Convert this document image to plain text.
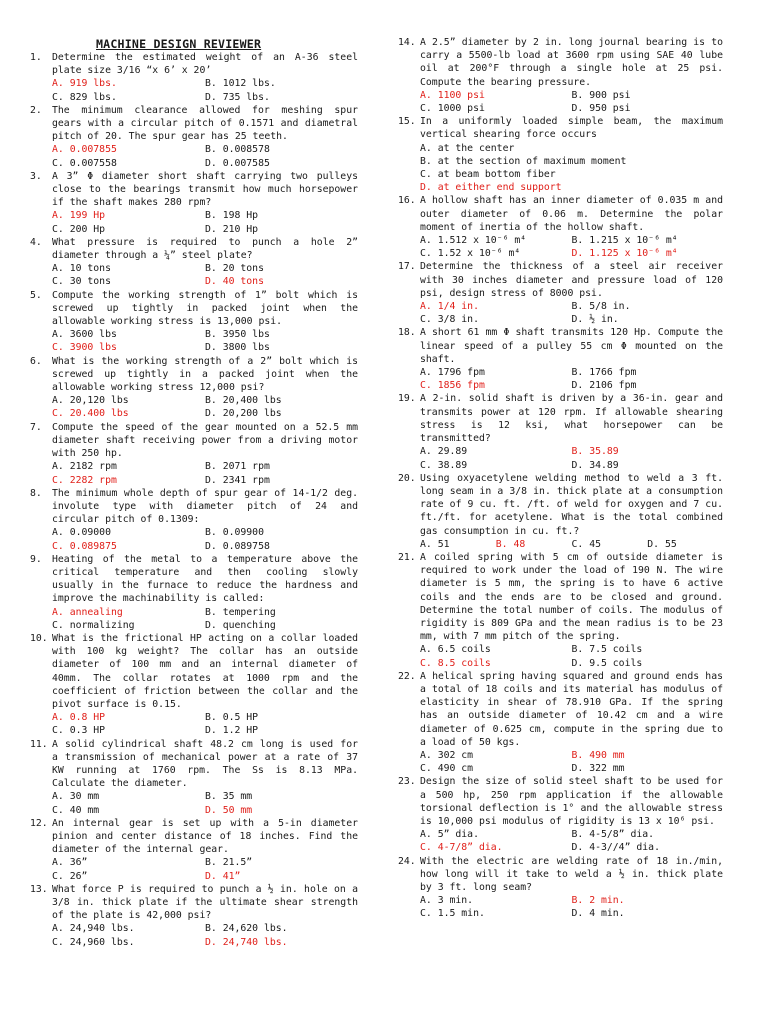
MACHINE DESIGN REVIEWER
1. Determine the estimated weight of an A-36 steel plate size 3/16 “x 6’ x 20’
A. 919 lbs.	B. 1012 lbs.
C. 829 lbs.	D. 735 lbs.
2. The minimum clearance allowed for meshing spur gears with a circular pitch of 0.1571 and diametral pitch of 20. The spur gear has 25 teeth.
A. 0.007855	B. 0.008578
C. 0.007558	D. 0.007585
3. A 3” Φ diameter short shaft carrying two pulleys close to the bearings transmit how much horsepower if the shaft makes 280 rpm?
A. 199 Hp	B. 198 Hp
C. 200 Hp	D. 210 Hp
4. What pressure is required to punch a hole 2” diameter through a ¼” steel plate?
A. 10 tons	B. 20 tons
C. 30 tons	D. 40 tons
5. Compute the working strength of 1” bolt which is screwed up tightly in packed joint when the allowable working stress is 13,000 psi.
A. 3600 lbs	B. 3950 lbs
C. 3900 lbs	D. 3800 lbs
6. What is the working strength of a 2” bolt which is screwed up tightly in a packed joint when the allowable working stress 12,000 psi?
A. 20,120 lbs	B. 20,400 lbs
C. 20.400 lbs	D. 20,200 lbs
7. Compute the speed of the gear mounted on a 52.5 mm diameter shaft receiving power from a driving motor with 250 hp.
A. 2182 rpm	B. 2071 rpm
C. 2282 rpm	D. 2341 rpm
8. The minimum whole depth of spur gear of 14-1/2 deg. involute type with diameter pitch of 24 and circular pitch of 0.1309:
A. 0.09000	B. 0.09900
C. 0.089875	D. 0.089758
9. Heating of the metal to a temperature above the critical temperature and then cooling slowly usually in the furnace to reduce the hardness and improve the machinability is called:
A. annealing	B. tempering
C. normalizing	D. quenching
10. What is the frictional HP acting on a collar loaded with 100 kg weight? The collar has an outside diameter of 100 mm and an internal diameter of 40mm. The collar rotates at 1000 rpm and the coefficient of friction between the collar and the pivot surface is 0.15.
A. 0.8 HP	B. 0.5 HP
C. 0.3 HP	D. 1.2 HP
11. A solid cylindrical shaft 48.2 cm long is used for a transmission of mechanical power at a rate of 37 KW running at 1760 rpm. The Ss is 8.13 MPa. Calculate the diameter.
A. 30 mm	B. 35 mm
C. 40 mm	D. 50 mm
12. An internal gear is set up with a 5-in diameter pinion and center distance of 18 inches. Find the diameter of the internal gear.
A. 36”	B. 21.5”
C. 26”	D. 41”
13. What force P is required to punch a ½ in. hole on a 3/8 in. thick plate if the ultimate shear strength of the plate is 42,000 psi?
A. 24,940 lbs.	B. 24,620 lbs.
C. 24,960 lbs.	D. 24,740 lbs.
14. A 2.5” diameter by 2 in. long journal bearing is to carry a 5500-lb load at 3600 rpm using SAE 40 lube oil at 200°F through a single hole at 25 psi. Compute the bearing pressure.
A. 1100 psi	B. 900 psi
C. 1000 psi	D. 950 psi
15. In a uniformly loaded simple beam, the maximum vertical shearing force occurs
A. at the center
B. at the section of maximum moment
C. at beam bottom fiber
D. at either end support
16. A hollow shaft has an inner diameter of 0.035 m and outer diameter of 0.06 m. Determine the polar moment of inertia of the hollow shaft.
A. 1.512 x 10⁻⁶ m⁴	B. 1.215 x 10⁻⁶ m⁴
C. 1.52 x 10⁻⁶ m⁴	D. 1.125 x 10⁻⁶ m⁴
17. Determine the thickness of a steel air receiver with 30 inches diameter and pressure load of 120 psi, design stress of 8000 psi.
A. 1/4 in.	B. 5/8 in.
C. 3/8 in.	D. ½ in.
18. A short 61 mm Φ shaft transmits 120 Hp. Compute the linear speed of a pulley 55 cm Φ mounted on the shaft.
A. 1796 fpm	B. 1766 fpm
C. 1856 fpm	D. 2106 fpm
19. A 2-in. solid shaft is driven by a 36-in. gear and transmits power at 120 rpm. If allowable shearing stress is 12 ksi, what horsepower can be transmitted?
A. 29.89	B. 35.89
C. 38.89	D. 34.89
20. Using oxyacetylene welding method to weld a 3 ft. long seam in a 3/8 in. thick plate at a consumption rate of 9 cu. ft. /ft. of weld for oxygen and 7 cu. ft./ft. for acetylene. What is the total combined gas consumption in cu. ft.?
A. 51	B. 48	C. 45	D. 55
21. A coiled spring with 5 cm of outside diameter is required to work under the load of 190 N. The wire diameter is 5 mm, the spring is to have 6 active coils and the ends are to be closed and ground. Determine the total number of coils. The modulus of rigidity is 809 GPa and the mean radius is to be 23 mm, with 7 mm pitch of the spring.
A. 6.5 coils	B. 7.5 coils
C. 8.5 coils	D. 9.5 coils
22. A helical spring having squared and ground ends has a total of 18 coils and its material has modulus of elasticity in shear of 78.910 GPa. If the spring has an outside diameter of 10.42 cm and a wire diameter of 0.625 cm, compute in the spring due to a load of 50 kgs.
A. 302 cm	B. 490 mm
C. 490 cm	D. 322 mm
23. Design the size of solid steel shaft to be used for a 500 hp, 250 rpm application if the allowable torsional deflection is 1° and the allowable stress is 10,000 psi modulus of rigidity is 13 x 10⁶ psi.
A. 5” dia.	B. 4-5/8” dia.
C. 4-7/8” dia.	D. 4-3//4” dia.
24. With the electric are welding rate of 18 in./min, how long will it take to weld a ½ in. thick plate by 3 ft. long seam?
A. 3 min.	B. 2 min.
C. 1.5 min.	D. 4 min.
